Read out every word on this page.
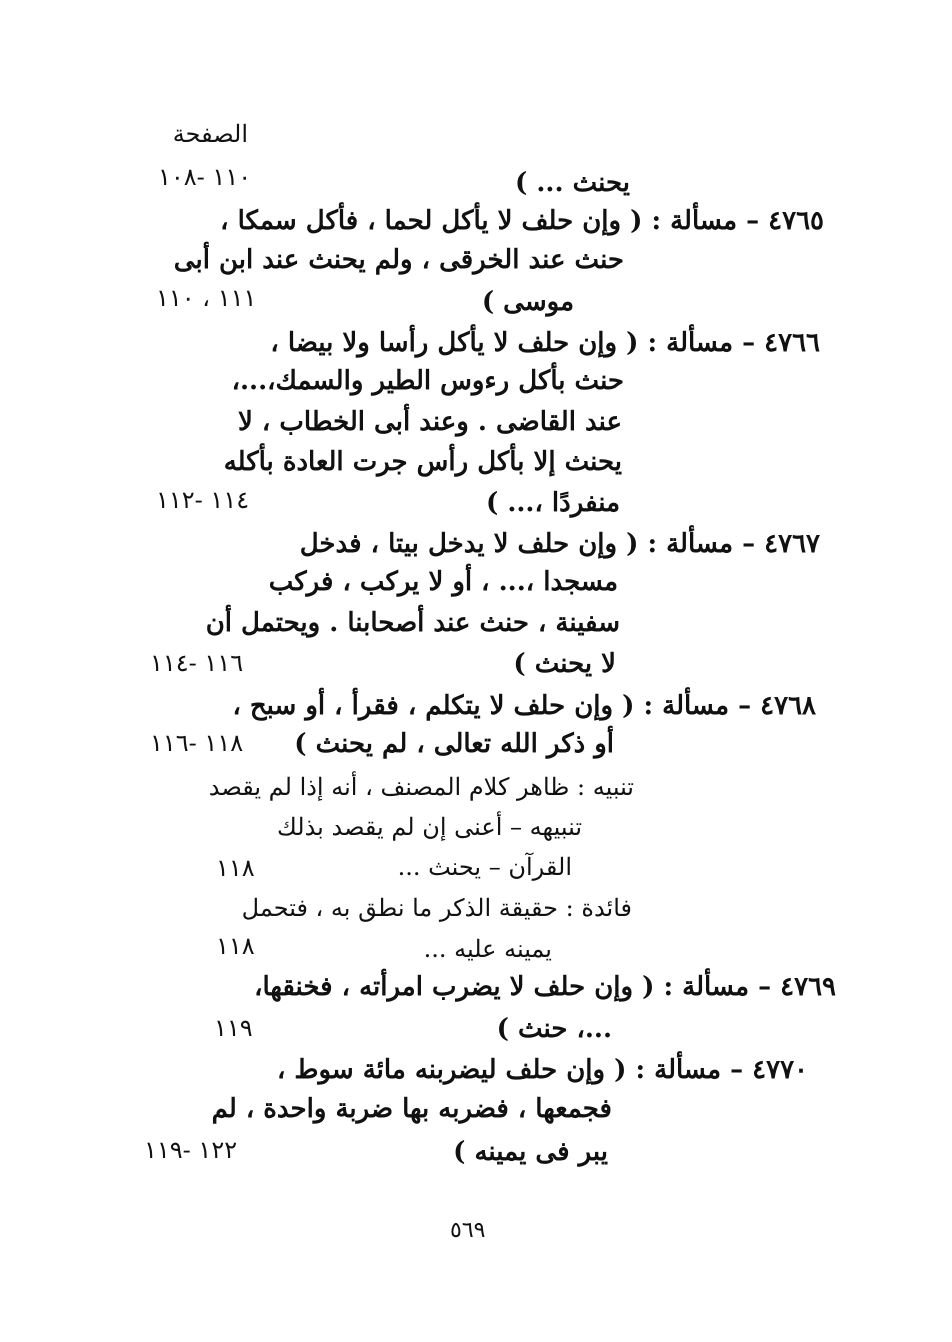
الصفحة
يحنث ... )
٤٧٦٥ – مسألة : ( وإن حلف لا يأكل لحما ، فأكل سمكا ،
حنث عند الخرقى ، ولم يحنث عند ابن أبى
موسى )
٤٧٦٦ – مسألة : ( وإن حلف لا يأكل رأسا ولا بيضا ،
حنث بأكل رءوس الطير والسمك،...،
عند القاضى . وعند أبى الخطاب ، لا
يحنث إلا بأكل رأس جرت العادة بأكله
منفردًا ،... )
٤٧٦٧ – مسألة : ( وإن حلف لا يدخل بيتا ، فدخل
مسجدا ،... ، أو لا يركب ، فركب
سفينة ، حنث عند أصحابنا . ويحتمل أن
لا يحنث )
٤٧٦٨ – مسألة : ( وإن حلف لا يتكلم ، فقرأ ، أو سبح ،
أو ذكر الله تعالى ، لم يحنث )
تنبيه : ظاهر كلام المصنف ، أنه إذا لم يقصد
تنبيهه – أعنى إن لم يقصد بذلك
القرآن – يحنث ...
فائدة : حقيقة الذكر ما نطق به ، فتحمل
يمينه عليه ...
٤٧٦٩ – مسألة : ( وإن حلف لا يضرب امرأته ، فخنقها،
...، حنث )
٤٧٧٠ – مسألة : ( وإن حلف ليضربنه مائة سوط ،
فجمعها ، فضربه بها ضربة واحدة ، لم
يبر فى يمينه )
١١٠ -١٠٨
١١١ ، ١١٠
١١٤ -١١٢
١١٦ -١١٤
١١٨ -١١٦
١١٨
١١٨
١١٩
١٢٢ -١١٩
٥٦٩
